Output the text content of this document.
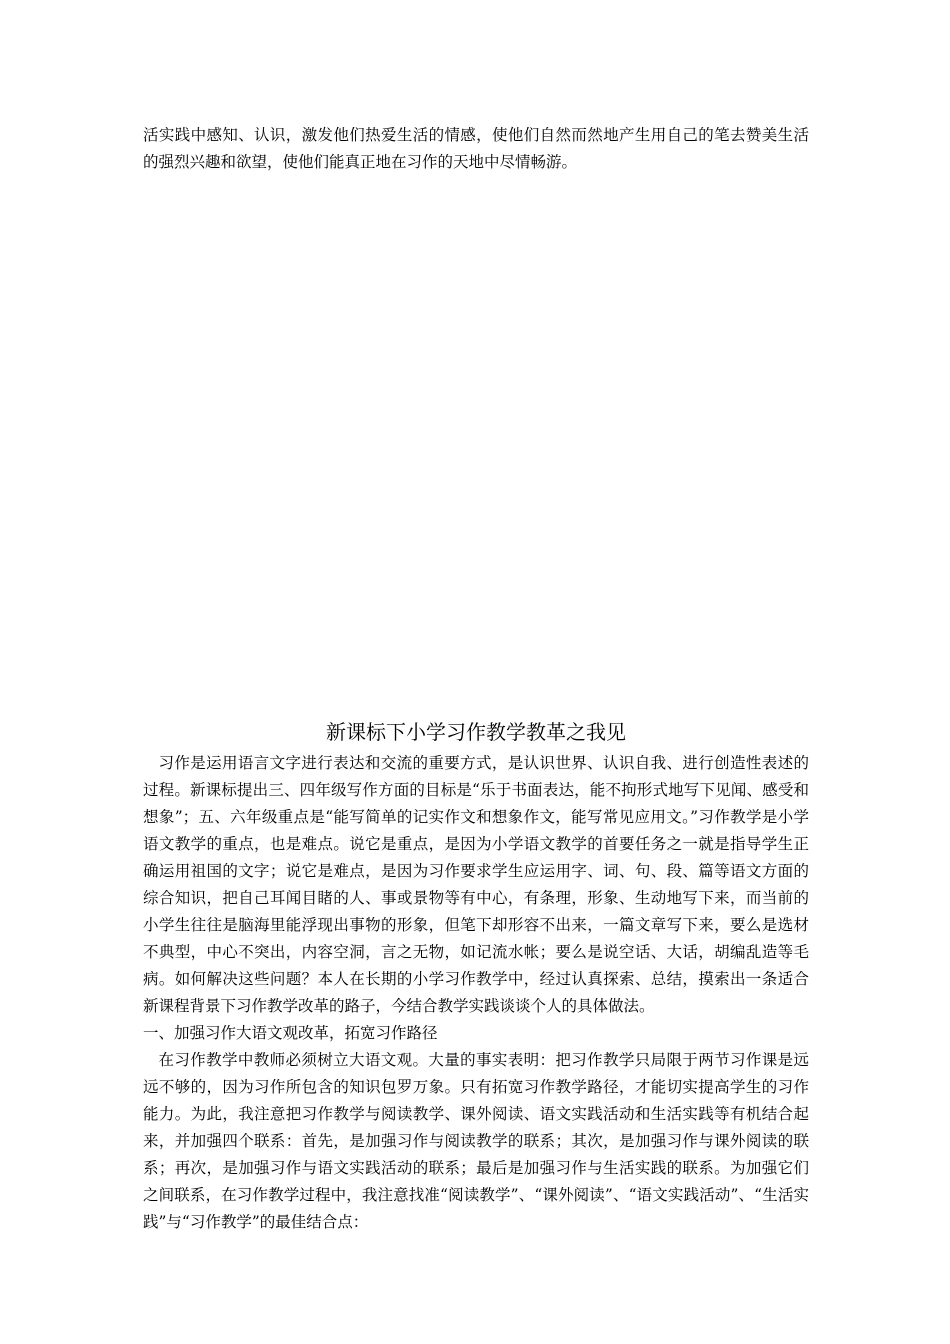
活实践中感知、认识，激发他们热爱生活的情感，使他们自然而然地产生用自己的笔去赞美生活的强烈兴趣和欲望，使他们能真正地在习作的天地中尽情畅游。

新课标下小学习作教学教革之我见

习作是运用语言文字进行表达和交流的重要方式，是认识世界、认识自我、进行创造性表述的过程。新课标提出三、四年级写作方面的目标是“乐于书面表达，能不拘形式地写下见闻、感受和想象”；五、六年级重点是“能写简单的记实作文和想象作文，能写常见应用文。”习作教学是小学语文教学的重点，也是难点。说它是重点，是因为小学语文教学的首要任务之一就是指导学生正确运用祖国的文字；说它是难点，是因为习作要求学生应运用字、词、句、段、篇等语文方面的综合知识，把自己耳闻目睹的人、事或景物等有中心，有条理，形象、生动地写下来，而当前的小学生往往是脑海里能浮现出事物的形象，但笔下却形容不出来，一篇文章写下来，要么是选材不典型，中心不突出，内容空洞，言之无物，如记流水帐；要么是说空话、大话，胡编乱造等毛病。如何解决这些问题？本人在长期的小学习作教学中，经过认真探索、总结，摸索出一条适合新课程背景下习作教学改革的路子，今结合教学实践谈谈个人的具体做法。

一、加强习作大语文观改革，拓宽习作路径

在习作教学中教师必须树立大语文观。大量的事实表明：把习作教学只局限于两节习作课是远远不够的，因为习作所包含的知识包罗万象。只有拓宽习作教学路径，才能切实提高学生的习作能力。为此，我注意把习作教学与阅读教学、课外阅读、语文实践活动和生活实践等有机结合起来，并加强四个联系：首先，是加强习作与阅读教学的联系；其次，是加强习作与课外阅读的联系；再次，是加强习作与语文实践活动的联系；最后是加强习作与生活实践的联系。为加强它们之间联系，在习作教学过程中，我注意找准“阅读教学”、“课外阅读”、“语文实践活动”、“生活实践”与“习作教学”的最佳结合点：
